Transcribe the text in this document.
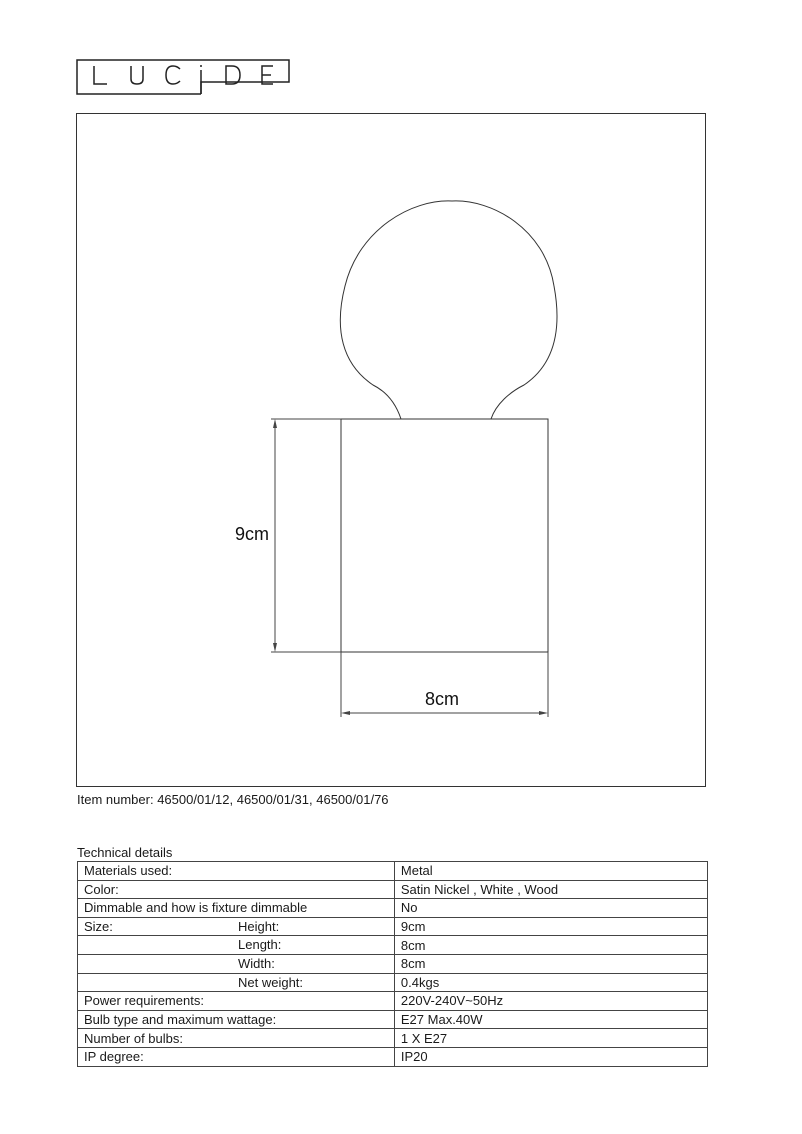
9cm
8cm
Item number: 46500/01/12, 46500/01/31, 46500/01/76
Technical details
Materials used:	Metal
Color:	Satin Nickel , White , Wood
Dimmable and how is fixture dimmable	No
Size: Height:	9cm

Length:	8cm

Width:	8cm

Net weight:	0.4kgs
Power requirements:	220V-240V~50Hz
Bulb type and maximum wattage:	E27 Max.40W
Number of bulbs:	1 X E27
IP degree:	IP20
